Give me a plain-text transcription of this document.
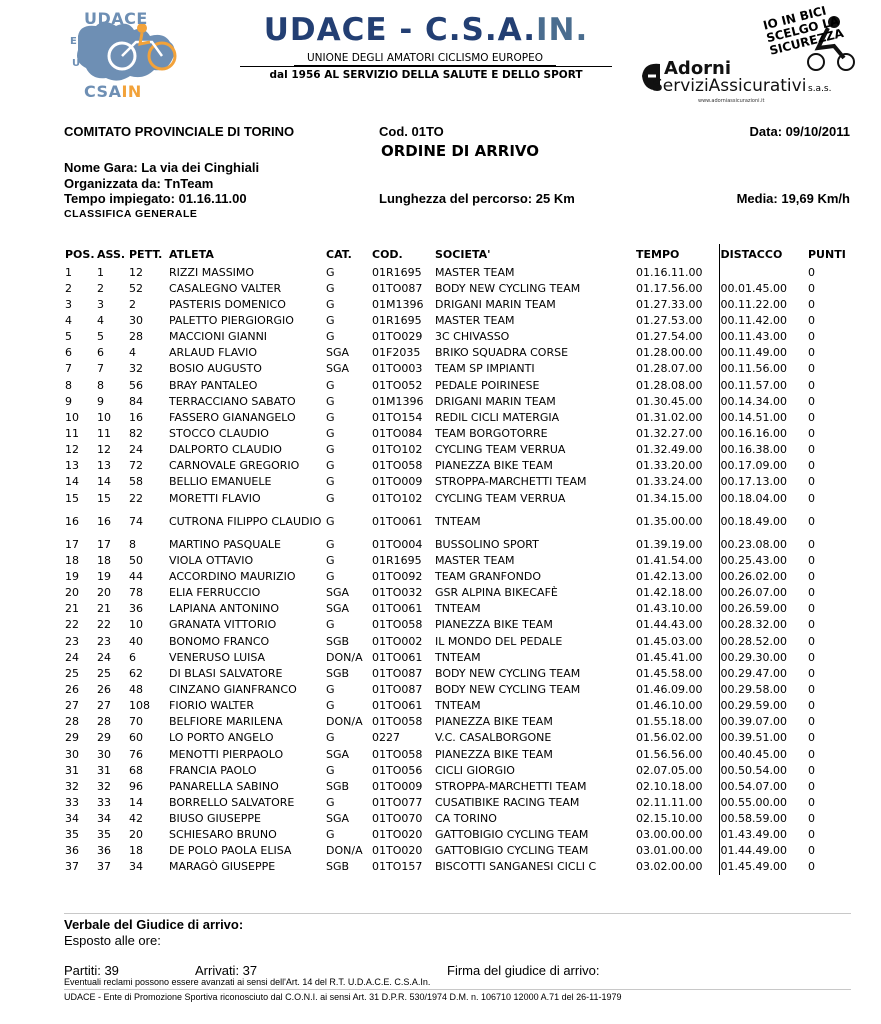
E
U
UDACE
CSAIN
UDACE - C.S.A.IN.
UNIONE DEGLI AMATORI CICLISMO EUROPEO
dal 1956 AL SERVIZIO DELLA SALUTE E DELLO SPORT
IO IN BICI SCELGO LA SICUREZZA
Adorni
ServiziAssicurativi s.a.s.
www.adorniassicurazioni.it
COMITATO PROVINCIALE DI TORINO	Cod. 01TO	Data: 09/10/2011
ORDINE DI ARRIVO
Nome Gara: La via dei Cinghiali
Organizzata da: TnTeam
Tempo impiegato: 01.16.11.00	Lunghezza del percorso: 25 Km	Media: 19,69 Km/h
CLASSIFICA GENERALE
POS.	ASS.	PETT.	ATLETA	CAT.	COD.	SOCIETA'	TEMPO	DISTACCO	PUNTI
1	1	12	RIZZI MASSIMO	G	01R1695	MASTER TEAM	01.16.11.00		0
2	2	52	CASALEGNO VALTER	G	01TO087	BODY NEW CYCLING TEAM	01.17.56.00	00.01.45.00	0
3	3	2	PASTERIS DOMENICO	G	01M1396	DRIGANI MARIN TEAM	01.27.33.00	00.11.22.00	0
4	4	30	PALETTO PIERGIORGIO	G	01R1695	MASTER TEAM	01.27.53.00	00.11.42.00	0
5	5	28	MACCIONI GIANNI	G	01TO029	3C CHIVASSO	01.27.54.00	00.11.43.00	0
6	6	4	ARLAUD FLAVIO	SGA	01F2035	BRIKO SQUADRA CORSE	01.28.00.00	00.11.49.00	0
7	7	32	BOSIO AUGUSTO	SGA	01TO003	TEAM SP IMPIANTI	01.28.07.00	00.11.56.00	0
8	8	56	BRAY PANTALEO	G	01TO052	PEDALE POIRINESE	01.28.08.00	00.11.57.00	0
9	9	84	TERRACCIANO SABATO	G	01M1396	DRIGANI MARIN TEAM	01.30.45.00	00.14.34.00	0
10	10	16	FASSERO GIANANGELO	G	01TO154	REDIL CICLI MATERGIA	01.31.02.00	00.14.51.00	0
11	11	82	STOCCO CLAUDIO	G	01TO084	TEAM BORGOTORRE	01.32.27.00	00.16.16.00	0
12	12	24	DALPORTO CLAUDIO	G	01TO102	CYCLING TEAM VERRUA	01.32.49.00	00.16.38.00	0
13	13	72	CARNOVALE GREGORIO	G	01TO058	PIANEZZA BIKE TEAM	01.33.20.00	00.17.09.00	0
14	14	58	BELLIO EMANUELE	G	01TO009	STROPPA-MARCHETTI TEAM	01.33.24.00	00.17.13.00	0
15	15	22	MORETTI FLAVIO	G	01TO102	CYCLING TEAM VERRUA	01.34.15.00	00.18.04.00	0
16	16	74	CUTRONA FILIPPO CLAUDIO	G	01TO061	TNTEAM	01.35.00.00	00.18.49.00	0
17	17	8	MARTINO PASQUALE	G	01TO004	BUSSOLINO SPORT	01.39.19.00	00.23.08.00	0
18	18	50	VIOLA OTTAVIO	G	01R1695	MASTER TEAM	01.41.54.00	00.25.43.00	0
19	19	44	ACCORDINO MAURIZIO	G	01TO092	TEAM GRANFONDO	01.42.13.00	00.26.02.00	0
20	20	78	ELIA FERRUCCIO	SGA	01TO032	GSR ALPINA BIKECAFÈ	01.42.18.00	00.26.07.00	0
21	21	36	LAPIANA ANTONINO	SGA	01TO061	TNTEAM	01.43.10.00	00.26.59.00	0
22	22	10	GRANATA VITTORIO	G	01TO058	PIANEZZA BIKE TEAM	01.44.43.00	00.28.32.00	0
23	23	40	BONOMO FRANCO	SGB	01TO002	IL MONDO DEL PEDALE	01.45.03.00	00.28.52.00	0
24	24	6	VENERUSO LUISA	DON/A	01TO061	TNTEAM	01.45.41.00	00.29.30.00	0
25	25	62	DI BLASI SALVATORE	SGB	01TO087	BODY NEW CYCLING TEAM	01.45.58.00	00.29.47.00	0
26	26	48	CINZANO GIANFRANCO	G	01TO087	BODY NEW CYCLING TEAM	01.46.09.00	00.29.58.00	0
27	27	108	FIORIO WALTER	G	01TO061	TNTEAM	01.46.10.00	00.29.59.00	0
28	28	70	BELFIORE MARILENA	DON/A	01TO058	PIANEZZA BIKE TEAM	01.55.18.00	00.39.07.00	0
29	29	60	LO PORTO ANGELO	G	0227	V.C. CASALBORGONE	01.56.02.00	00.39.51.00	0
30	30	76	MENOTTI PIERPAOLO	SGA	01TO058	PIANEZZA BIKE TEAM	01.56.56.00	00.40.45.00	0
31	31	68	FRANCIA PAOLO	G	01TO056	CICLI GIORGIO	02.07.05.00	00.50.54.00	0
32	32	96	PANARELLA SABINO	SGB	01TO009	STROPPA-MARCHETTI TEAM	02.10.18.00	00.54.07.00	0
33	33	14	BORRELLO SALVATORE	G	01TO077	CUSATIBIKE RACING TEAM	02.11.11.00	00.55.00.00	0
34	34	42	BIUSO GIUSEPPE	SGA	01TO070	CA TORINO	02.15.10.00	00.58.59.00	0
35	35	20	SCHIESARO BRUNO	G	01TO020	GATTOBIGIO CYCLING TEAM	03.00.00.00	01.43.49.00	0
36	36	18	DE POLO PAOLA ELISA	DON/A	01TO020	GATTOBIGIO CYCLING TEAM	03.01.00.00	01.44.49.00	0
37	37	34	MARAGÒ GIUSEPPE	SGB	01TO157	BISCOTTI SANGANESI CICLI C	03.02.00.00	01.45.49.00	0
Verbale del Giudice di arrivo:
Esposto alle ore:
Partiti: 39	Arrivati: 37	Firma del giudice di arrivo:
Eventuali reclami possono essere avanzati ai sensi dell'Art. 14 del R.T. U.D.A.C.E. C.S.A.In.
UDACE - Ente di Promozione Sportiva riconosciuto dal C.O.N.I. ai sensi Art. 31 D.P.R. 530/1974 D.M. n. 106710 12000 A.71 del 26-11-1979
